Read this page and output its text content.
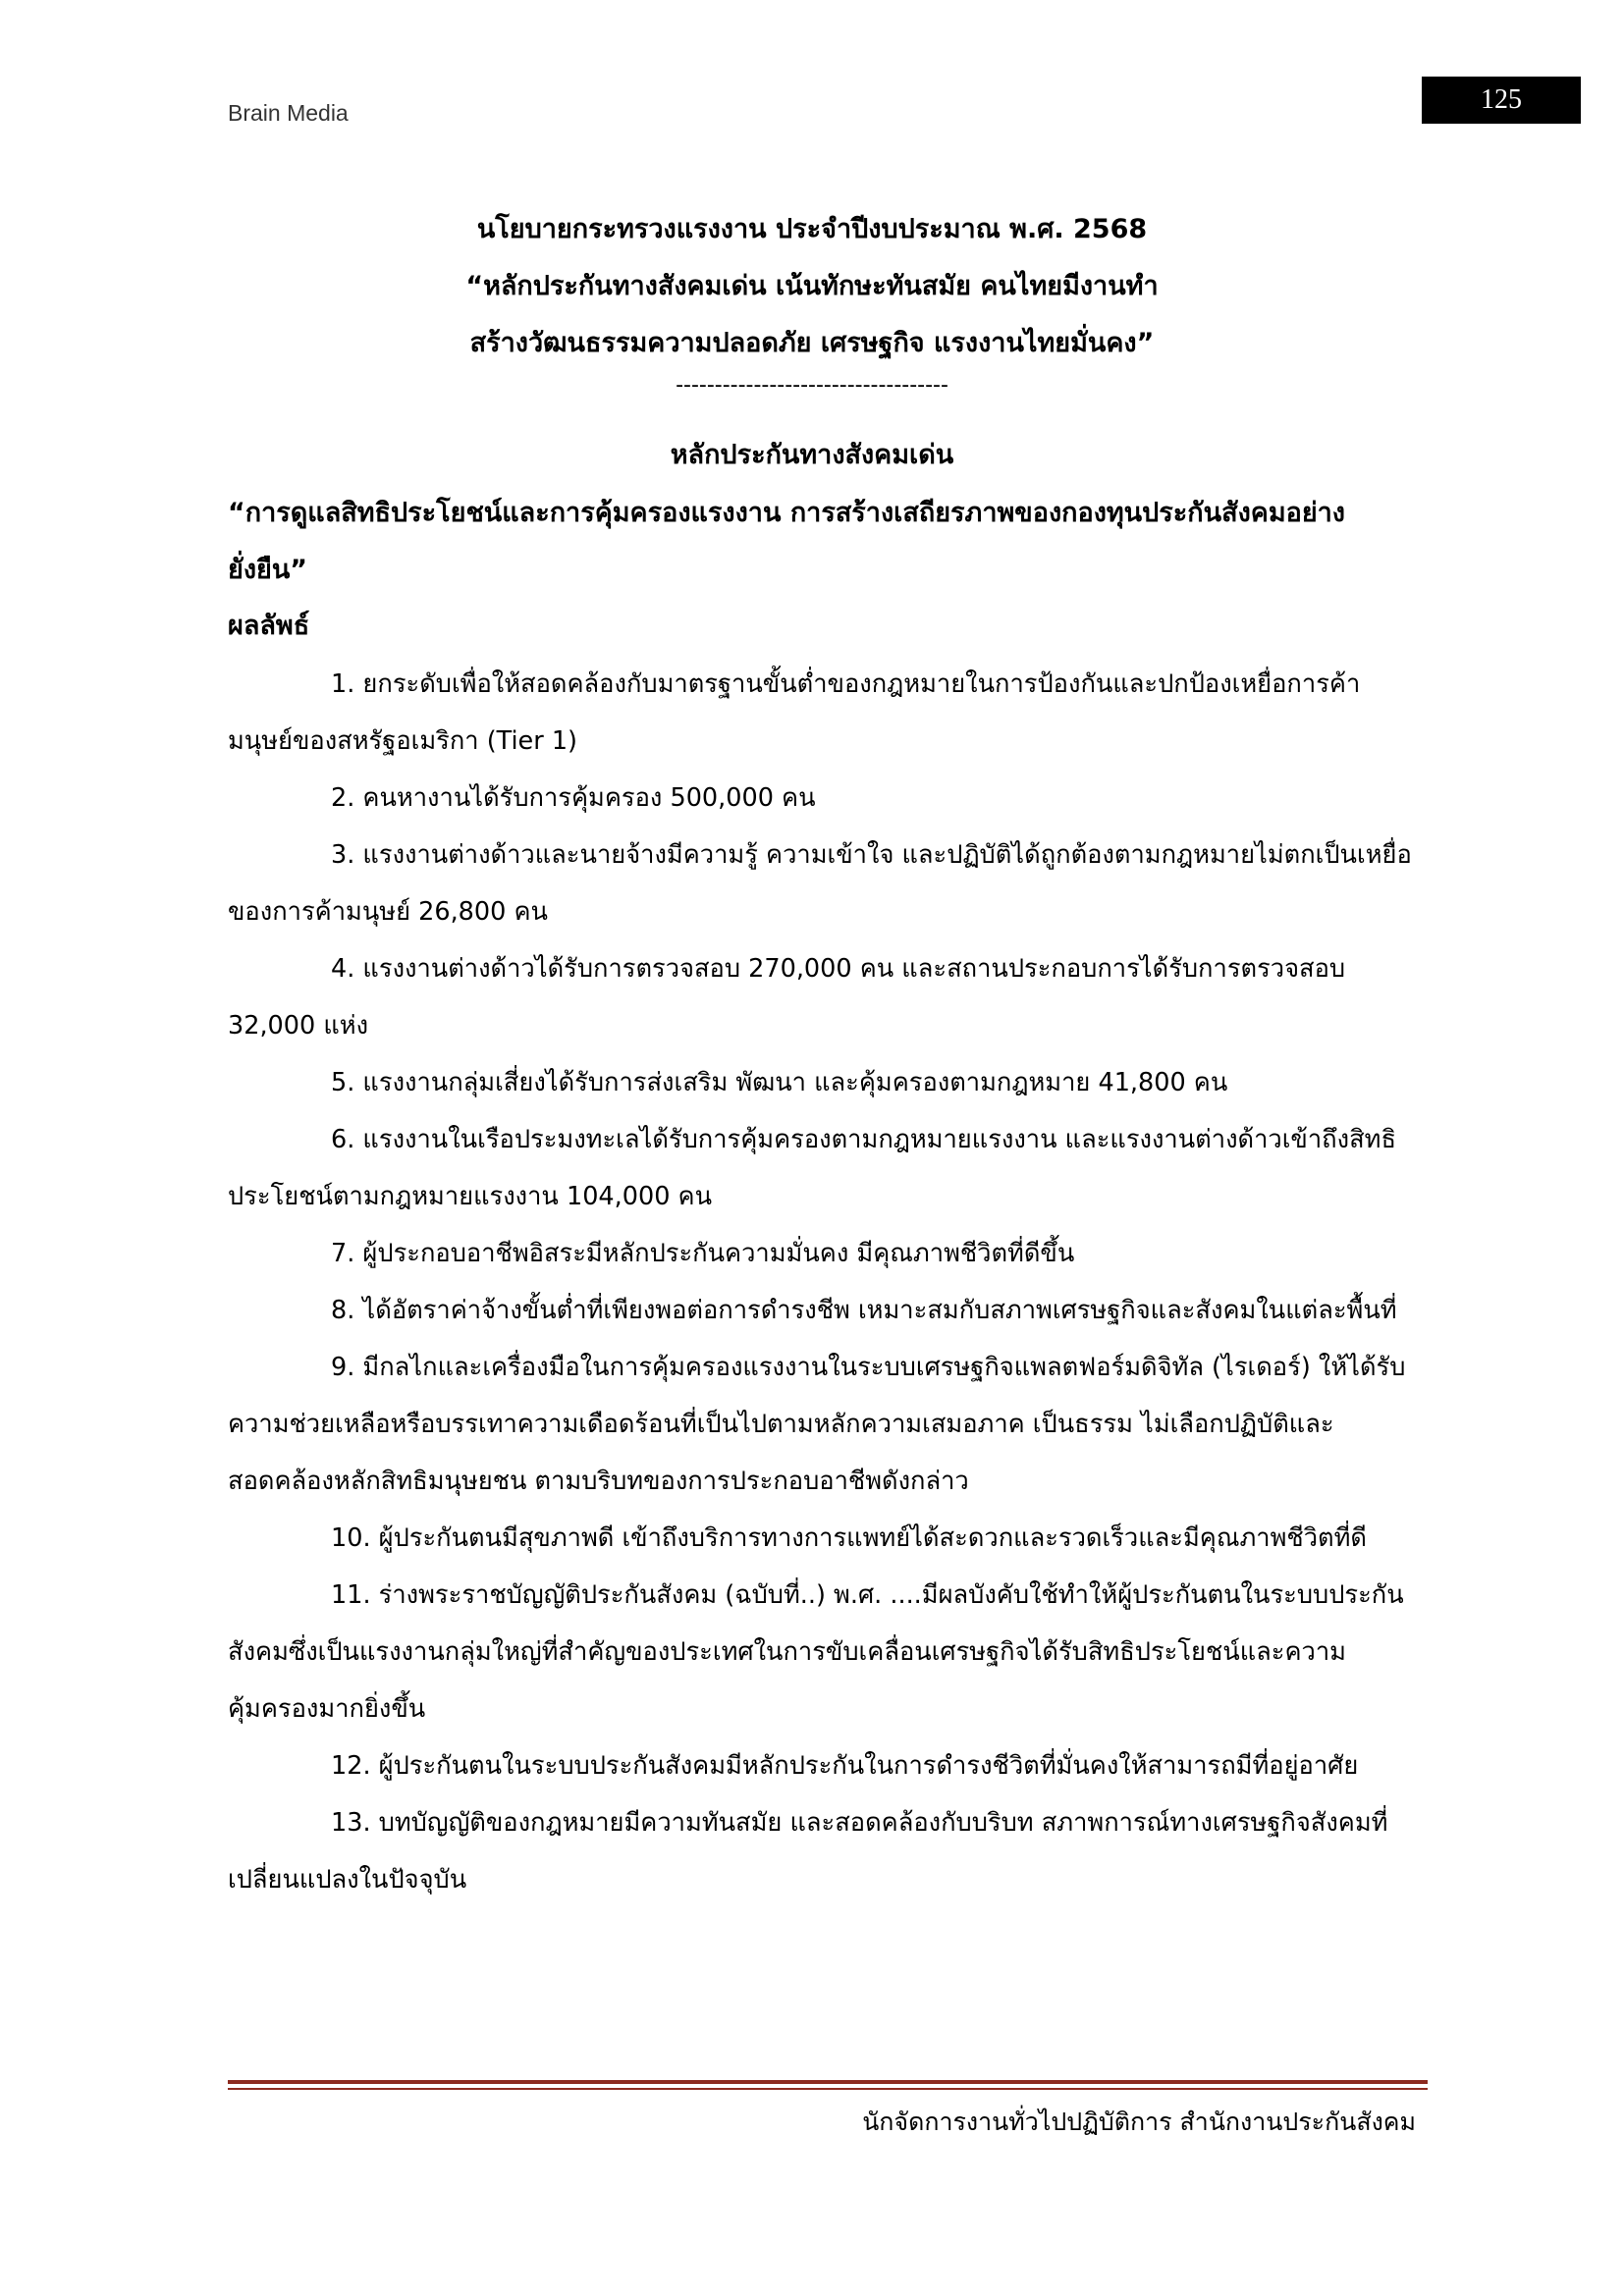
Brain Media	125
นโยบายกระทรวงแรงงาน ประจำปีงบประมาณ พ.ศ. 2568
“หลักประกันทางสังคมเด่น เน้นทักษะทันสมัย คนไทยมีงานทำ
สร้างวัฒนธรรมความปลอดภัย เศรษฐกิจ แรงงานไทยมั่นคง”
-----------------------------------
หลักประกันทางสังคมเด่น
“การดูแลสิทธิประโยชน์และการคุ้มครองแรงงาน การสร้างเสถียรภาพของกองทุนประกันสังคมอย่างยั่งยืน”
ผลลัพธ์
1. ยกระดับเพื่อให้สอดคล้องกับมาตรฐานขั้นต่ำของกฎหมายในการป้องกันและปกป้องเหยื่อการค้ามนุษย์ของสหรัฐอเมริกา (Tier 1)
2. คนหางานได้รับการคุ้มครอง 500,000 คน
3. แรงงานต่างด้าวและนายจ้างมีความรู้ ความเข้าใจ และปฏิบัติได้ถูกต้องตามกฎหมายไม่ตกเป็นเหยื่อของการค้ามนุษย์ 26,800 คน
4. แรงงานต่างด้าวได้รับการตรวจสอบ 270,000 คน และสถานประกอบการได้รับการตรวจสอบ 32,000 แห่ง
5. แรงงานกลุ่มเสี่ยงได้รับการส่งเสริม พัฒนา และคุ้มครองตามกฎหมาย 41,800 คน
6. แรงงานในเรือประมงทะเลได้รับการคุ้มครองตามกฎหมายแรงงาน และแรงงานต่างด้าวเข้าถึงสิทธิประโยชน์ตามกฎหมายแรงงาน 104,000 คน
7. ผู้ประกอบอาชีพอิสระมีหลักประกันความมั่นคง มีคุณภาพชีวิตที่ดีขึ้น
8. ได้อัตราค่าจ้างขั้นต่ำที่เพียงพอต่อการดำรงชีพ เหมาะสมกับสภาพเศรษฐกิจและสังคมในแต่ละพื้นที่
9. มีกลไกและเครื่องมือในการคุ้มครองแรงงานในระบบเศรษฐกิจแพลตฟอร์มดิจิทัล (ไรเดอร์) ให้ได้รับความช่วยเหลือหรือบรรเทาความเดือดร้อนที่เป็นไปตามหลักความเสมอภาค เป็นธรรม ไม่เลือกปฏิบัติและสอดคล้องหลักสิทธิมนุษยชน ตามบริบทของการประกอบอาชีพดังกล่าว
10. ผู้ประกันตนมีสุขภาพดี เข้าถึงบริการทางการแพทย์ได้สะดวกและรวดเร็วและมีคุณภาพชีวิตที่ดี
11. ร่างพระราชบัญญัติประกันสังคม (ฉบับที่..) พ.ศ. ....มีผลบังคับใช้ทำให้ผู้ประกันตนในระบบประกันสังคมซึ่งเป็นแรงงานกลุ่มใหญ่ที่สำคัญของประเทศในการขับเคลื่อนเศรษฐกิจได้รับสิทธิประโยชน์และความคุ้มครองมากยิ่งขึ้น
12. ผู้ประกันตนในระบบประกันสังคมมีหลักประกันในการดำรงชีวิตที่มั่นคงให้สามารถมีที่อยู่อาศัย
13. บทบัญญัติของกฎหมายมีความทันสมัย และสอดคล้องกับบริบท สภาพการณ์ทางเศรษฐกิจสังคมที่เปลี่ยนแปลงในปัจจุบัน
นักจัดการงานทั่วไปปฏิบัติการ สำนักงานประกันสังคม
